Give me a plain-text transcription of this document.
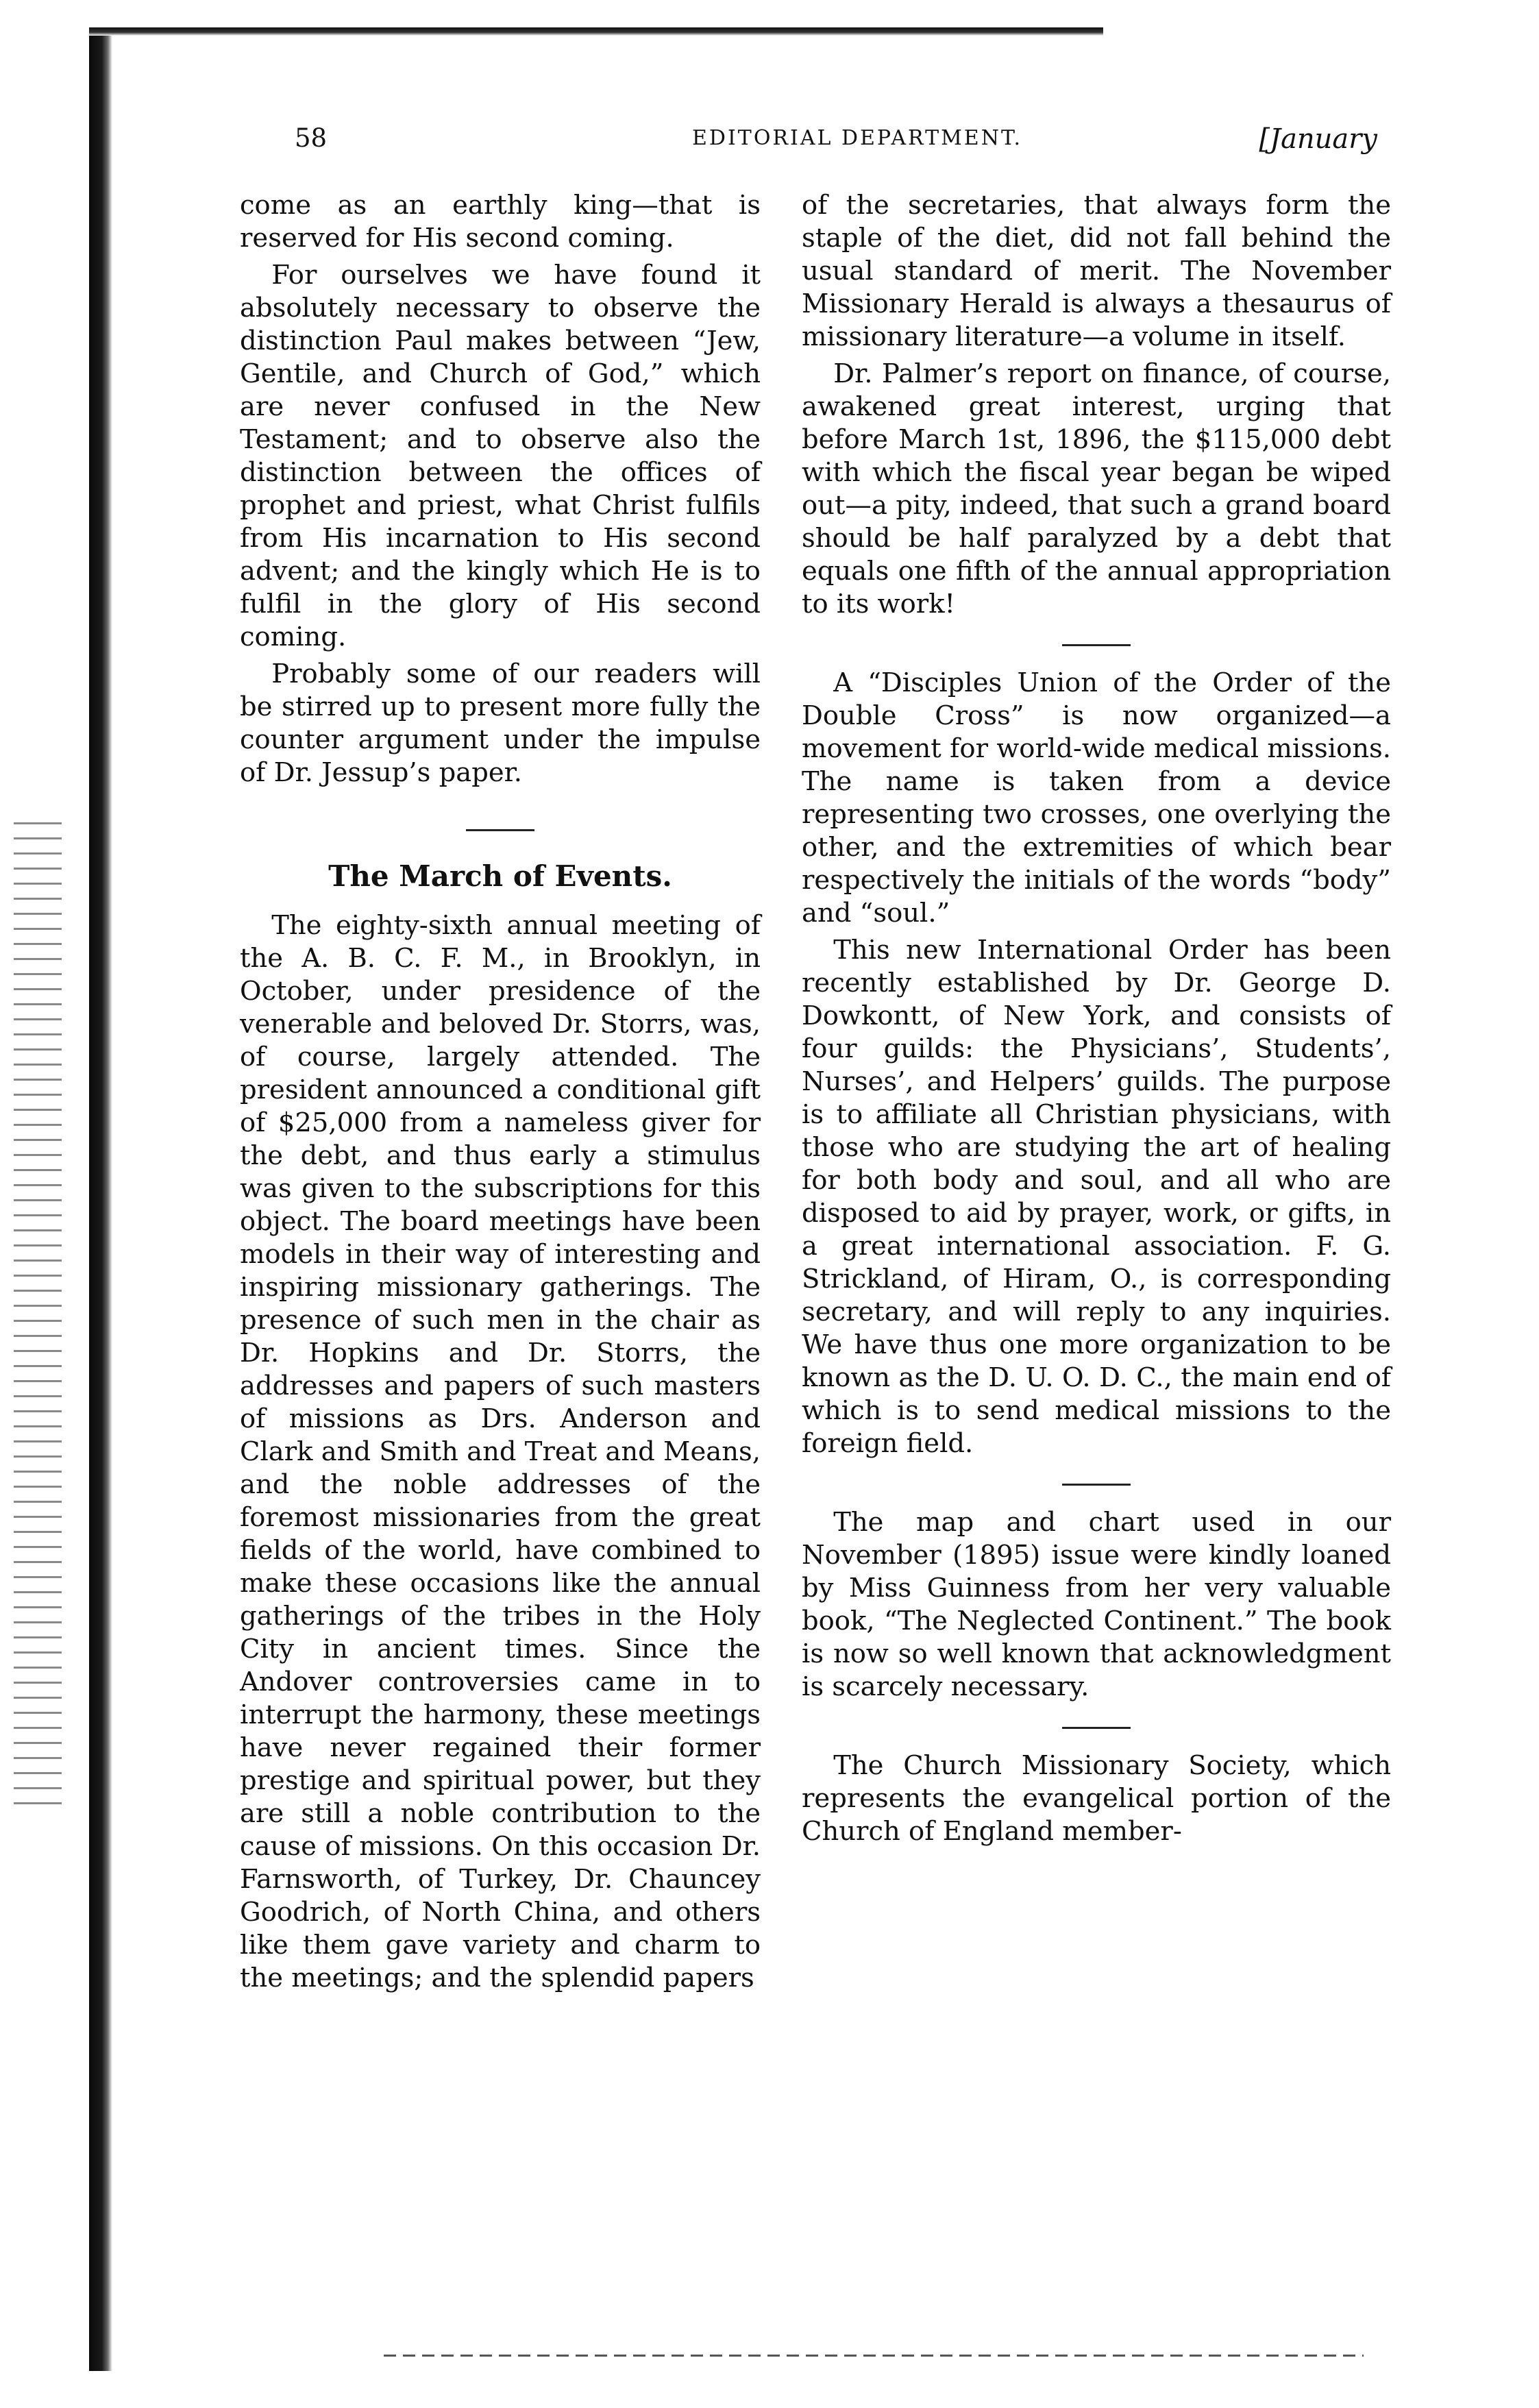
58	EDITORIAL DEPARTMENT.	[January

come as an earthly king—that is reserved for His second coming.

For ourselves we have found it absolutely necessary to observe the distinction Paul makes between “Jew, Gentile, and Church of God,” which are never confused in the New Testament; and to observe also the distinction between the offices of prophet and priest, what Christ fulfils from His incarnation to His second advent; and the kingly which He is to fulfil in the glory of His second coming.

Probably some of our readers will be stirred up to present more fully the counter argument under the impulse of Dr. Jessup’s paper.

The March of Events.

The eighty-sixth annual meeting of the A. B. C. F. M., in Brooklyn, in October, under presidence of the venerable and beloved Dr. Storrs, was, of course, largely attended. The president announced a conditional gift of $25,000 from a nameless giver for the debt, and thus early a stimulus was given to the subscriptions for this object. The board meetings have been models in their way of interesting and inspiring missionary gatherings. The presence of such men in the chair as Dr. Hopkins and Dr. Storrs, the addresses and papers of such masters of missions as Drs. Anderson and Clark and Smith and Treat and Means, and the noble addresses of the foremost missionaries from the great fields of the world, have combined to make these occasions like the annual gatherings of the tribes in the Holy City in ancient times. Since the Andover controversies came in to interrupt the harmony, these meetings have never regained their former prestige and spiritual power, but they are still a noble contribution to the cause of missions. On this occasion Dr. Farnsworth, of Turkey, Dr. Chauncey Goodrich, of North China, and others like them gave variety and charm to the meetings; and the splendid papers

of the secretaries, that always form the staple of the diet, did not fall behind the usual standard of merit. The November Missionary Herald is always a thesaurus of missionary literature—a volume in itself.

Dr. Palmer’s report on finance, of course, awakened great interest, urging that before March 1st, 1896, the $115,000 debt with which the fiscal year began be wiped out—a pity, indeed, that such a grand board should be half paralyzed by a debt that equals one fifth of the annual appropriation to its work!

A “Disciples Union of the Order of the Double Cross” is now organized—a movement for world-wide medical missions. The name is taken from a device representing two crosses, one overlying the other, and the extremities of which bear respectively the initials of the words “body” and “soul.”

This new International Order has been recently established by Dr. George D. Dowkontt, of New York, and consists of four guilds: the Physicians’, Students’, Nurses’, and Helpers’ guilds. The purpose is to affiliate all Christian physicians, with those who are studying the art of healing for both body and soul, and all who are disposed to aid by prayer, work, or gifts, in a great international association. F. G. Strickland, of Hiram, O., is corresponding secretary, and will reply to any inquiries. We have thus one more organization to be known as the D. U. O. D. C., the main end of which is to send medical missions to the foreign field.

The map and chart used in our November (1895) issue were kindly loaned by Miss Guinness from her very valuable book, “The Neglected Continent.” The book is now so well known that acknowledgment is scarcely necessary.

The Church Missionary Society, which represents the evangelical portion of the Church of England member-
